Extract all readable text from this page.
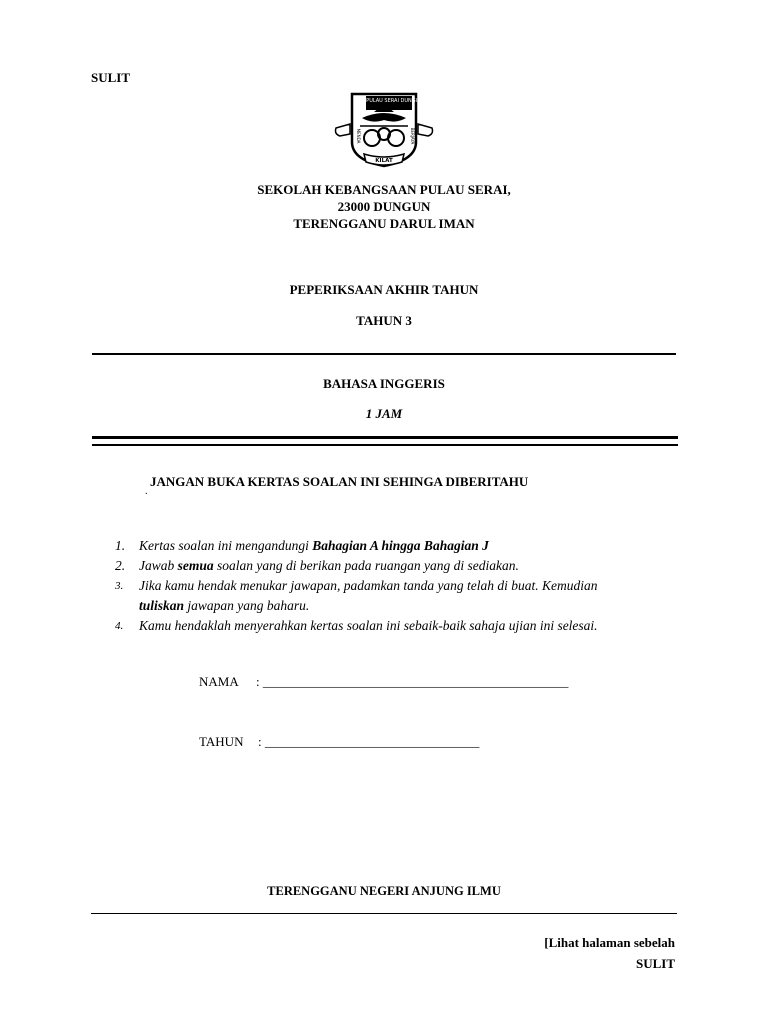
SULIT
S.K. PULAU SERAI DUNGUN
MENDA	BERJAYA
KILAT
SEKOLAH KEBANGSAAN PULAU SERAI,
23000 DUNGUN
TERENGGANU DARUL IMAN
PEPERIKSAAN AKHIR TAHUN
TAHUN 3
BAHASA INGGERIS
1 JAM
.
JANGAN BUKA KERTAS SOALAN INI SEHINGA DIBERITAHU
1.	Kertas soalan ini mengandungi Bahagian A hingga Bahagian J
2.	Jawab semua soalan yang di berikan pada ruangan yang di sediakan.
3.	Jika kamu hendak menukar jawapan, padamkan tanda yang telah di buat. Kemudian
tuliskan jawapan yang baharu.
4.	Kamu hendaklah menyerahkan kertas soalan ini sebaik-baik sahaja ujian ini selesai.
NAMA : _______________________________________________
TAHUN : _________________________________
TERENGGANU NEGERI ANJUNG ILMU
[Lihat halaman sebelah
SULIT
